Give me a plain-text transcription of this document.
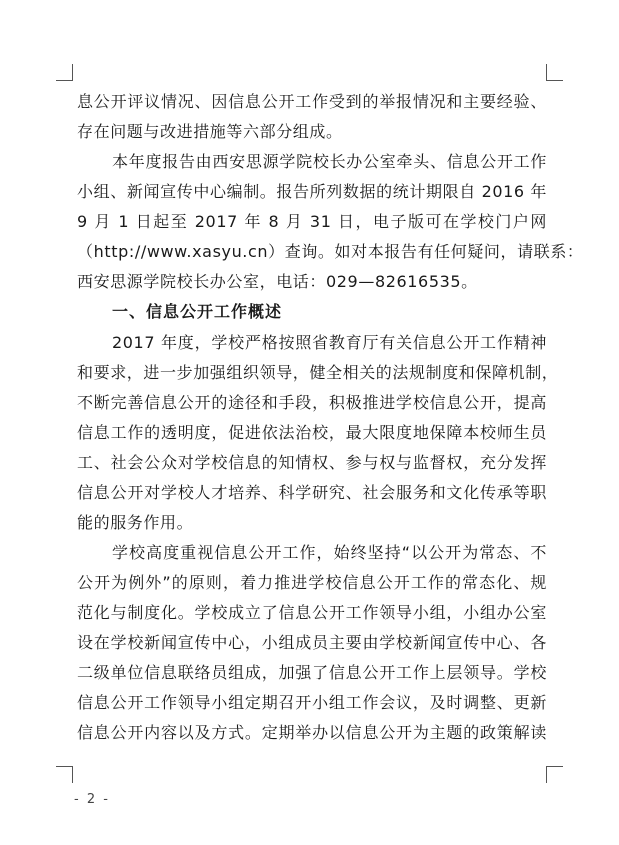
息公开评议情况、因信息公开工作受到的举报情况和主要经验、
存在问题与改进措施等六部分组成。
本年度报告由西安思源学院校长办公室牵头、信息公开工作
小组、新闻宣传中心编制。报告所列数据的统计期限自 2016 年
9 月 1 日起至 2017 年 8 月 31 日，电子版可在学校门户网
（http://www.xasyu.cn）查询。如对本报告有任何疑问，请联系：
西安思源学院校长办公室，电话：029—82616535。
一、信息公开工作概述
2017 年度，学校严格按照省教育厅有关信息公开工作精神
和要求，进一步加强组织领导，健全相关的法规制度和保障机制，
不断完善信息公开的途径和手段，积极推进学校信息公开，提高
信息工作的透明度，促进依法治校，最大限度地保障本校师生员
工、社会公众对学校信息的知情权、参与权与监督权，充分发挥
信息公开对学校人才培养、科学研究、社会服务和文化传承等职
能的服务作用。
学校高度重视信息公开工作，始终坚持“以公开为常态、不
公开为例外”的原则，着力推进学校信息公开工作的常态化、规
范化与制度化。学校成立了信息公开工作领导小组，小组办公室
设在学校新闻宣传中心，小组成员主要由学校新闻宣传中心、各
二级单位信息联络员组成，加强了信息公开工作上层领导。学校
信息公开工作领导小组定期召开小组工作会议，及时调整、更新
信息公开内容以及方式。定期举办以信息公开为主题的政策解读
- 2 -
